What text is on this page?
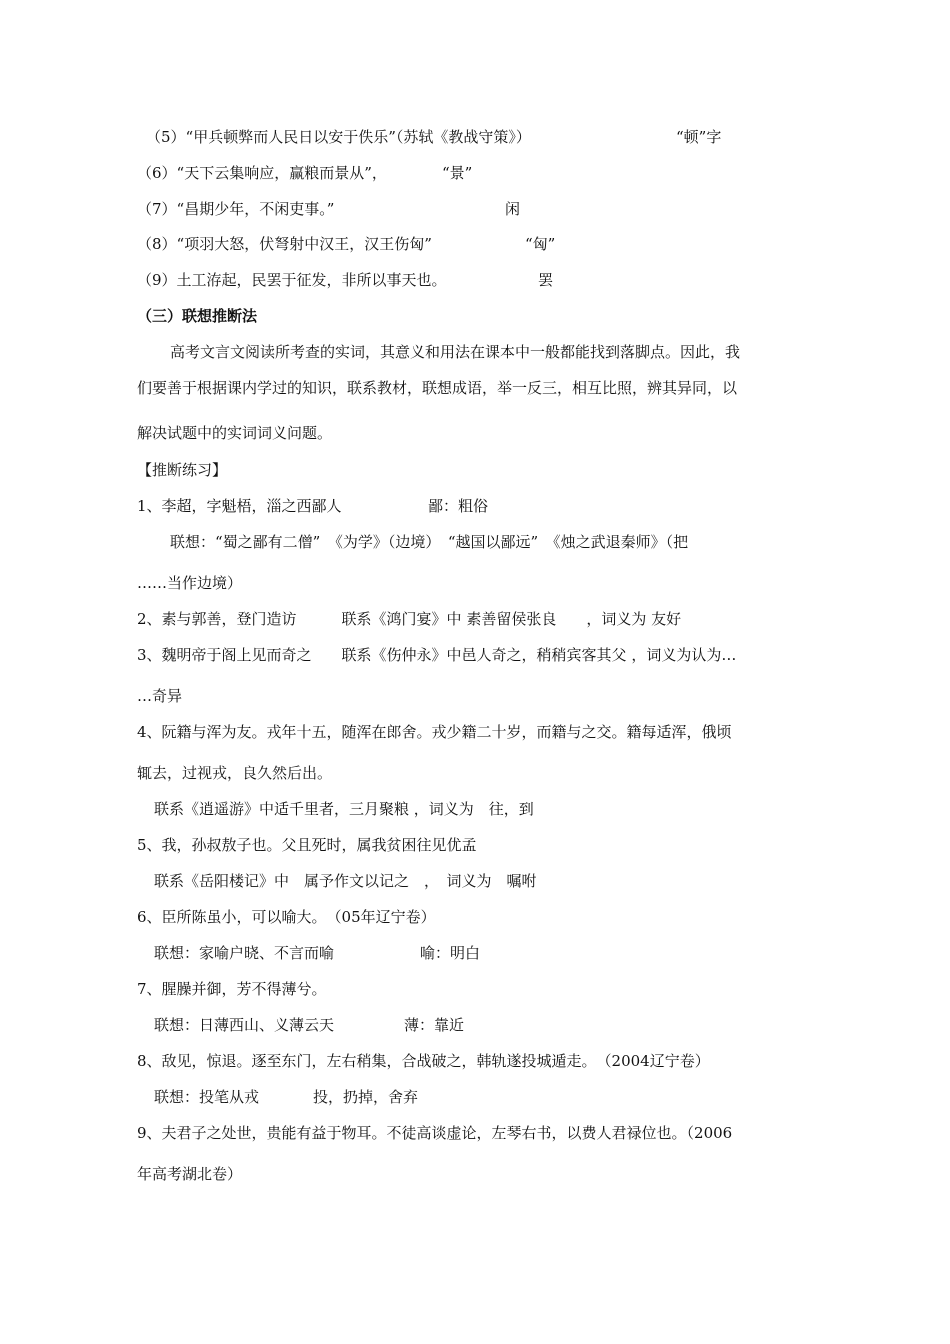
（5）“甲兵顿弊而人民日以安于佚乐”（苏轼《教战守策》）	“顿”字
（6）“天下云集响应，赢粮而景从”，	“景”
（7）“昌期少年，不闲吏事。”	闲
（8）“项羽大怒，伏弩射中汉王，汉王伤匈”	“匈”
（9）土工洊起，民罢于征发，非所以事天也。	罢
（三）联想推断法
高考文言文阅读所考查的实词，其意义和用法在课本中一般都能找到落脚点。因此，我
们要善于根据课内学过的知识，联系教材，联想成语，举一反三，相互比照，辨其异同，以
解决试题中的实词词义问题。
【推断练习】
1、李超，字魁梧，淄之西鄙人	鄙：粗俗
联想：“蜀之鄙有二僧”　《为学》（边境）　“越国以鄙远”　《烛之武退秦师》（把
……当作边境）
2、素与郭善，登门造访　　　联系《鸿门宴》中 素善留侯张良　　，词义为 友好
3、魏明帝于阁上见而奇之　　联系《伤仲永》中邑人奇之，稍稍宾客其父 ，词义为认为…
…奇异
4、阮籍与浑为友。戎年十五，随浑在郎舍。戎少籍二十岁，而籍与之交。籍每适浑，俄顷
辄去，过视戎，良久然后出。
联系《逍遥游》中适千里者，三月聚粮 ，词义为　往，到
5、我，孙叔敖子也。父且死时，属我贫困往见优孟
联系《岳阳楼记》中　属予作文以记之　，　词义为　嘱咐
6、臣所陈虽小，可以喻大。　（05年辽宁卷）
联想：家喻户晓、不言而喻	喻：明白
7、腥臊并御，芳不得薄兮。
联想：日薄西山、义薄云天	薄：靠近
8、敌见，惊退。逐至东门，左右稍集，合战破之，韩轨遂投城遁走。　（2004辽宁卷）
联想：投笔从戎	投，扔掉，舍弃
9、夫君子之处世，贵能有益于物耳。不徒高谈虚论，左琴右书，以费人君禄位也。（2006
年高考湖北卷）
